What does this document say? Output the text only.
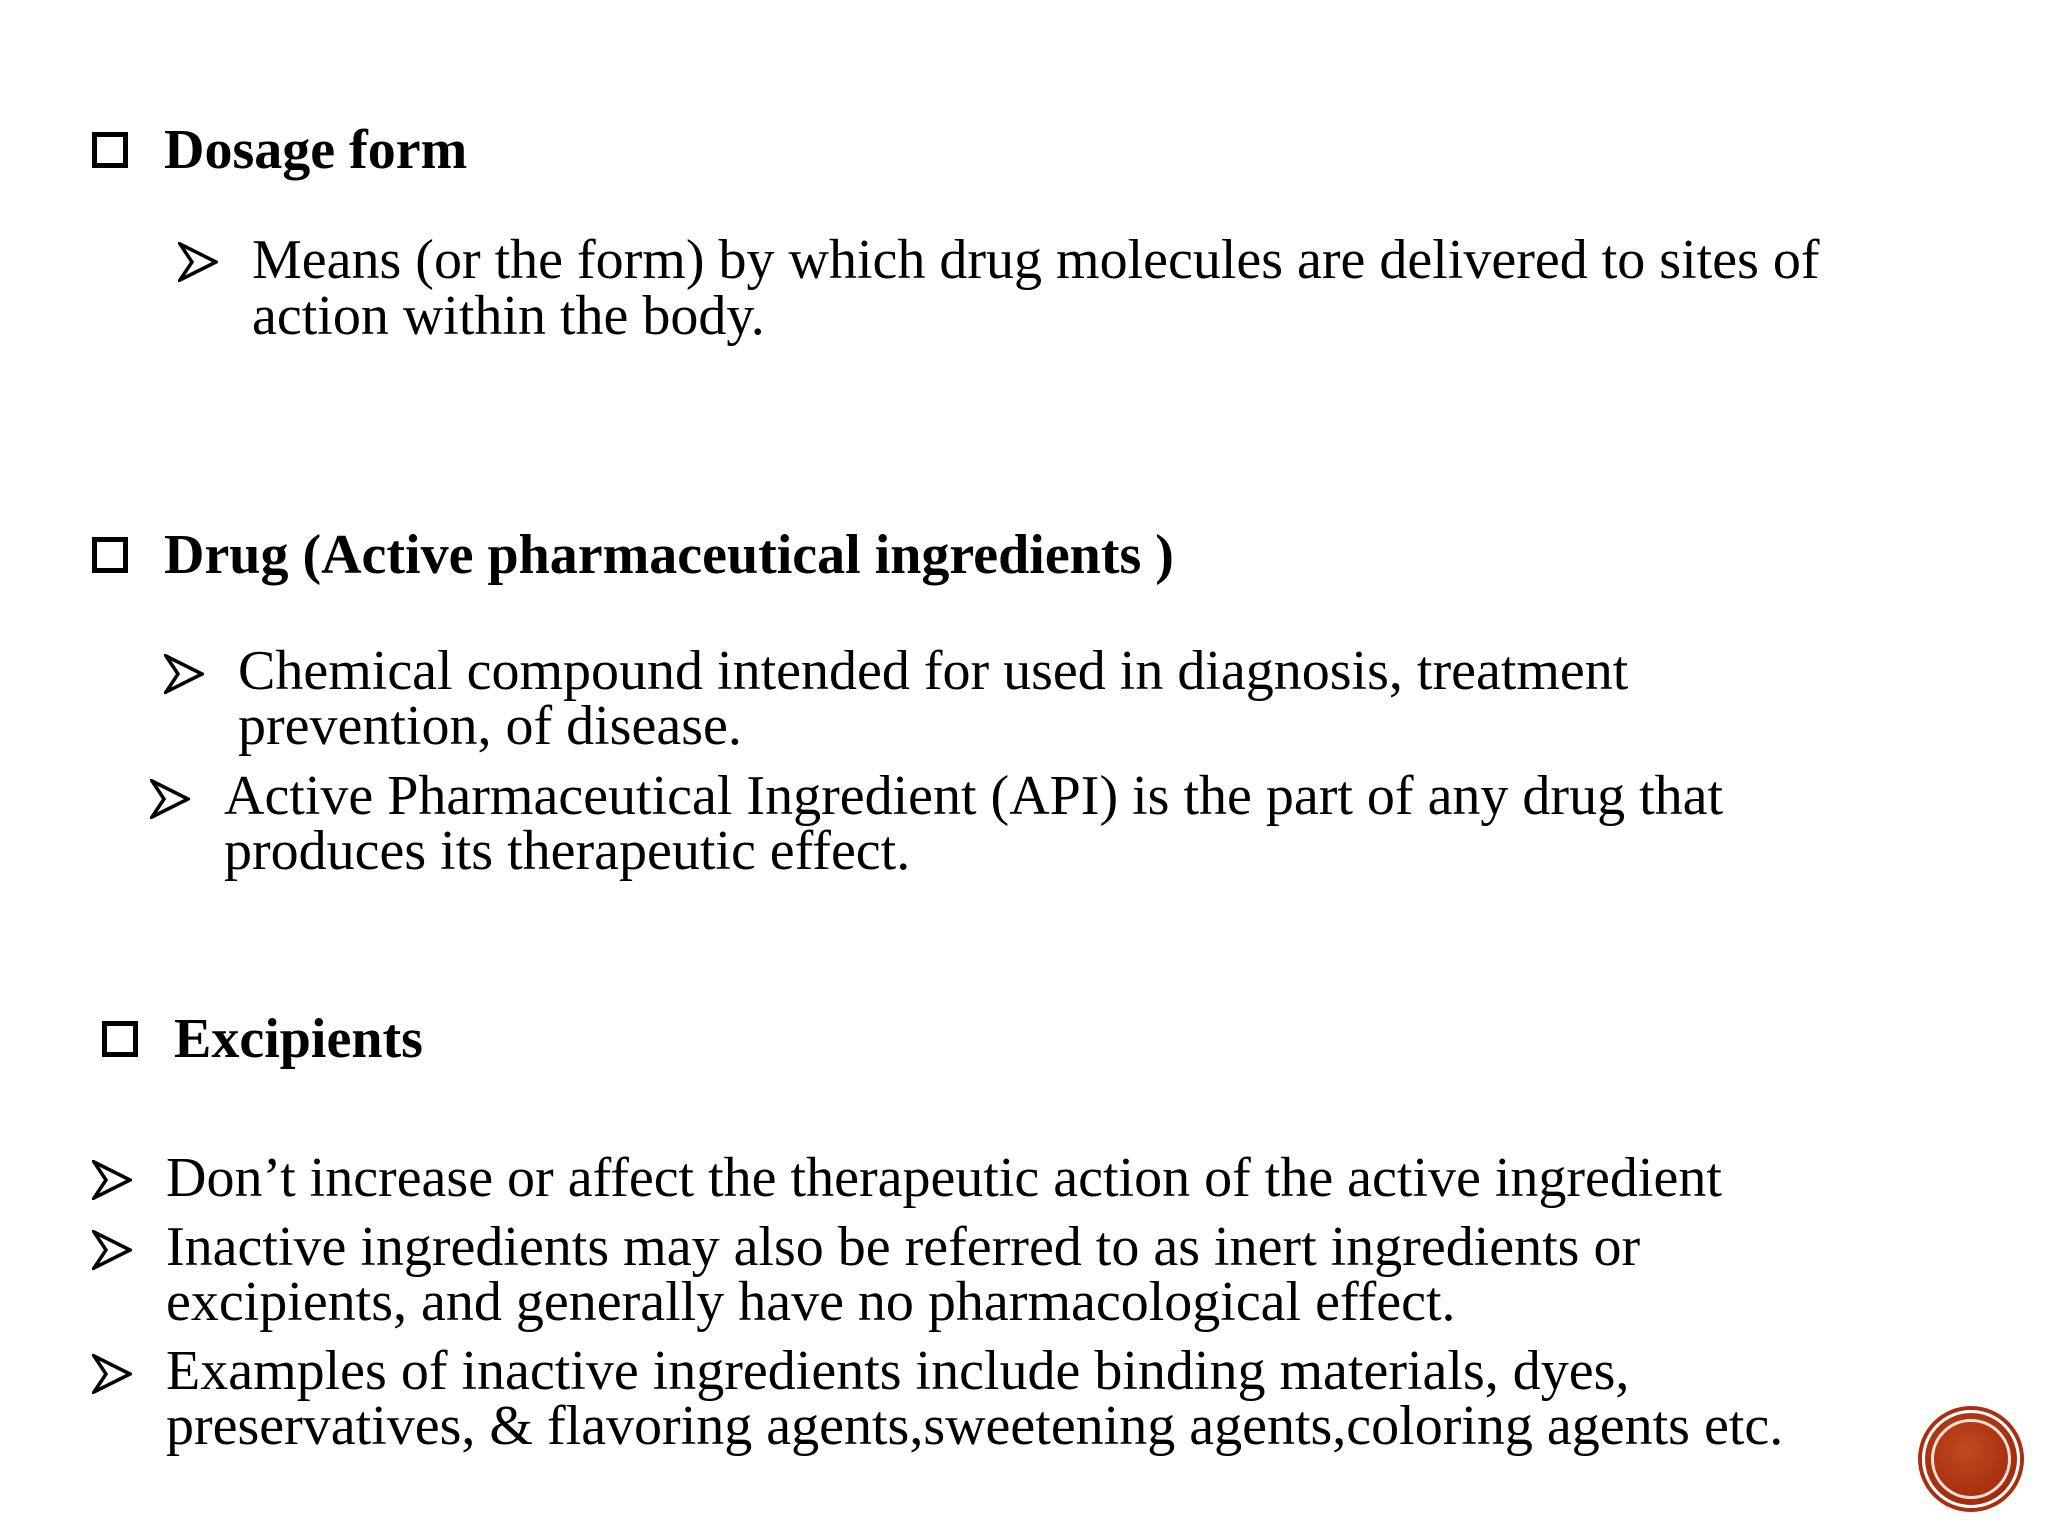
Dosage form
Means (or the form) by which drug molecules are delivered to sites of action within the body.
Drug (Active pharmaceutical ingredients )
Chemical compound intended for used in diagnosis, treatment prevention, of disease.
Active Pharmaceutical Ingredient (API) is the part of any drug that produces its therapeutic effect.
Excipients
Don’t increase or affect the therapeutic action of the active ingredient
Inactive ingredients may also be referred to as inert ingredients or excipients, and generally have no pharmacological effect.
Examples of inactive ingredients include binding materials, dyes, preservatives, & flavoring agents,sweetening agents,coloring agents etc.
